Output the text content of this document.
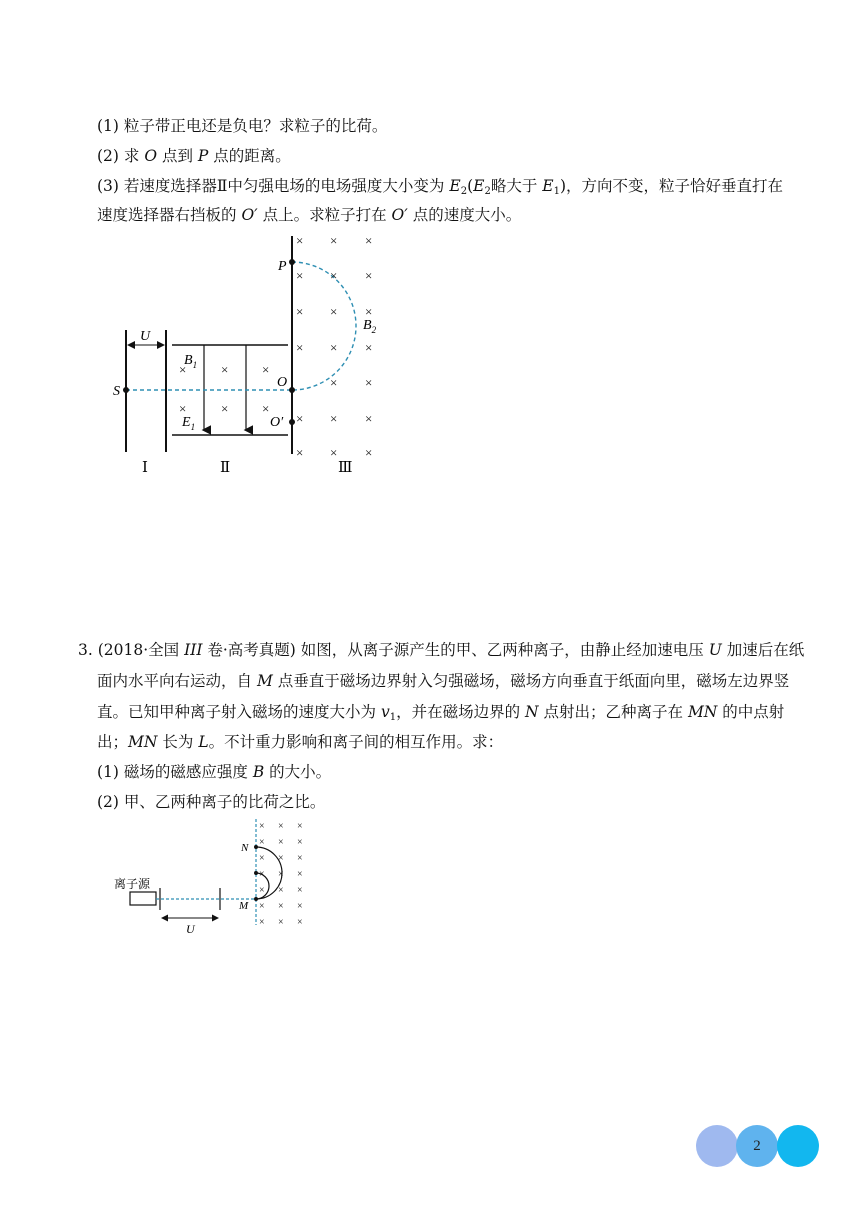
(1) 粒子带正电还是负电？求粒子的比荷。
(2) 求 O 点到 P 点的距离。
(3) 若速度选择器Ⅱ中匀强电场的电场强度大小变为 $E_2(E_2$略大于 $E_1$)，方向不变，粒子恰好垂直打在
速度选择器右挡板的 O′ 点上。求粒子打在 O′ 点的速度大小。
U
S
P
O
O′
$B_1$
$E_1$
$B_2$
Ⅰ	Ⅱ	Ⅲ
×	×	×
×	×	×
× × ×
× × ×
× × ×
× × ×
× ×
× × ×
× × ×
3. (2018·全国 III 卷·高考真题) 如图，从离子源产生的甲、乙两种离子，由静止经加速电压 U 加速后在纸
面内水平向右运动，自 M 点垂直于磁场边界射入匀强磁场，磁场方向垂直于纸面向里，磁场左边界竖
直。已知甲种离子射入磁场的速度大小为 $v_1$，并在磁场边界的 N 点射出；乙种离子在 MN 的中点射
出；MN 长为 L。不计重力影响和离子间的相互作用。求：
(1) 磁场的磁感应强度 B 的大小。
(2) 甲、乙两种离子的比荷之比。
离子源
U
N
M
× × ×
× × ×
× × ×
× × ×
× × ×
× × ×
× × ×
2
